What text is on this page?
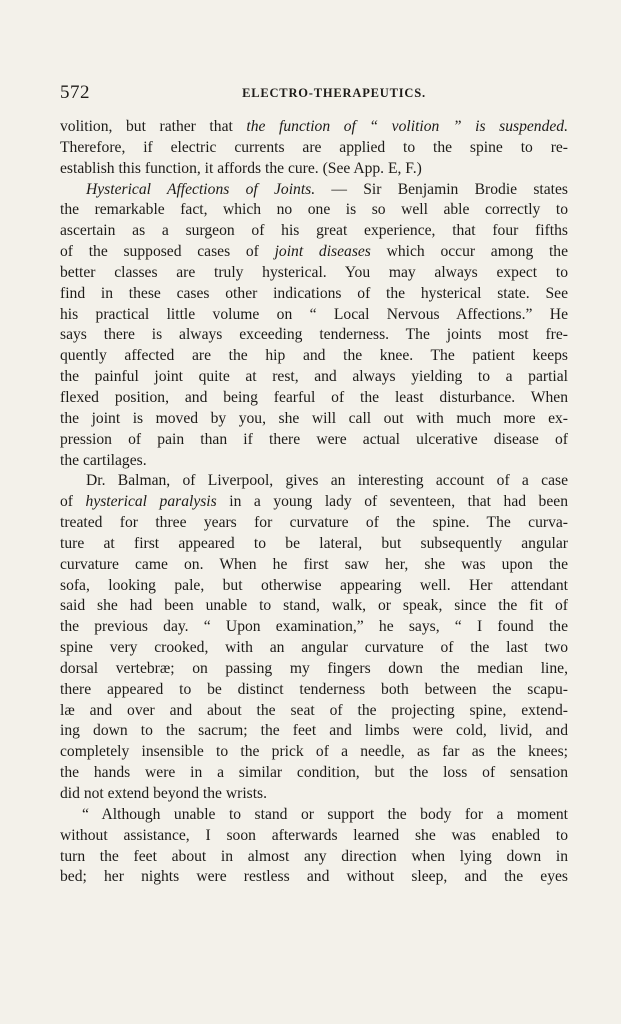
572	ELECTRO-THERAPEUTICS.
volition, but rather that the function of “ volition ” is suspended.
Therefore, if electric currents are applied to the spine to re-
establish this function, it affords the cure. (See App. E, F.)
Hysterical Affections of Joints. — Sir Benjamin Brodie states
the remarkable fact, which no one is so well able correctly to
ascertain as a surgeon of his great experience, that four fifths
of the supposed cases of joint diseases which occur among the
better classes are truly hysterical. You may always expect to
find in these cases other indications of the hysterical state. See
his practical little volume on “ Local Nervous Affections.” He
says there is always exceeding tenderness. The joints most fre-
quently affected are the hip and the knee. The patient keeps
the painful joint quite at rest, and always yielding to a partial
flexed position, and being fearful of the least disturbance. When
the joint is moved by you, she will call out with much more ex-
pression of pain than if there were actual ulcerative disease of
the cartilages.
Dr. Balman, of Liverpool, gives an interesting account of a case
of hysterical paralysis in a young lady of seventeen, that had been
treated for three years for curvature of the spine. The curva-
ture at first appeared to be lateral, but subsequently angular
curvature came on. When he first saw her, she was upon the
sofa, looking pale, but otherwise appearing well. Her attendant
said she had been unable to stand, walk, or speak, since the fit of
the previous day. “ Upon examination,” he says, “ I found the
spine very crooked, with an angular curvature of the last two
dorsal vertebræ; on passing my fingers down the median line,
there appeared to be distinct tenderness both between the scapu-
læ and over and about the seat of the projecting spine, extend-
ing down to the sacrum; the feet and limbs were cold, livid, and
completely insensible to the prick of a needle, as far as the knees;
the hands were in a similar condition, but the loss of sensation
did not extend beyond the wrists.
“ Although unable to stand or support the body for a moment
without assistance, I soon afterwards learned she was enabled to
turn the feet about in almost any direction when lying down in
bed; her nights were restless and without sleep, and the eyes
